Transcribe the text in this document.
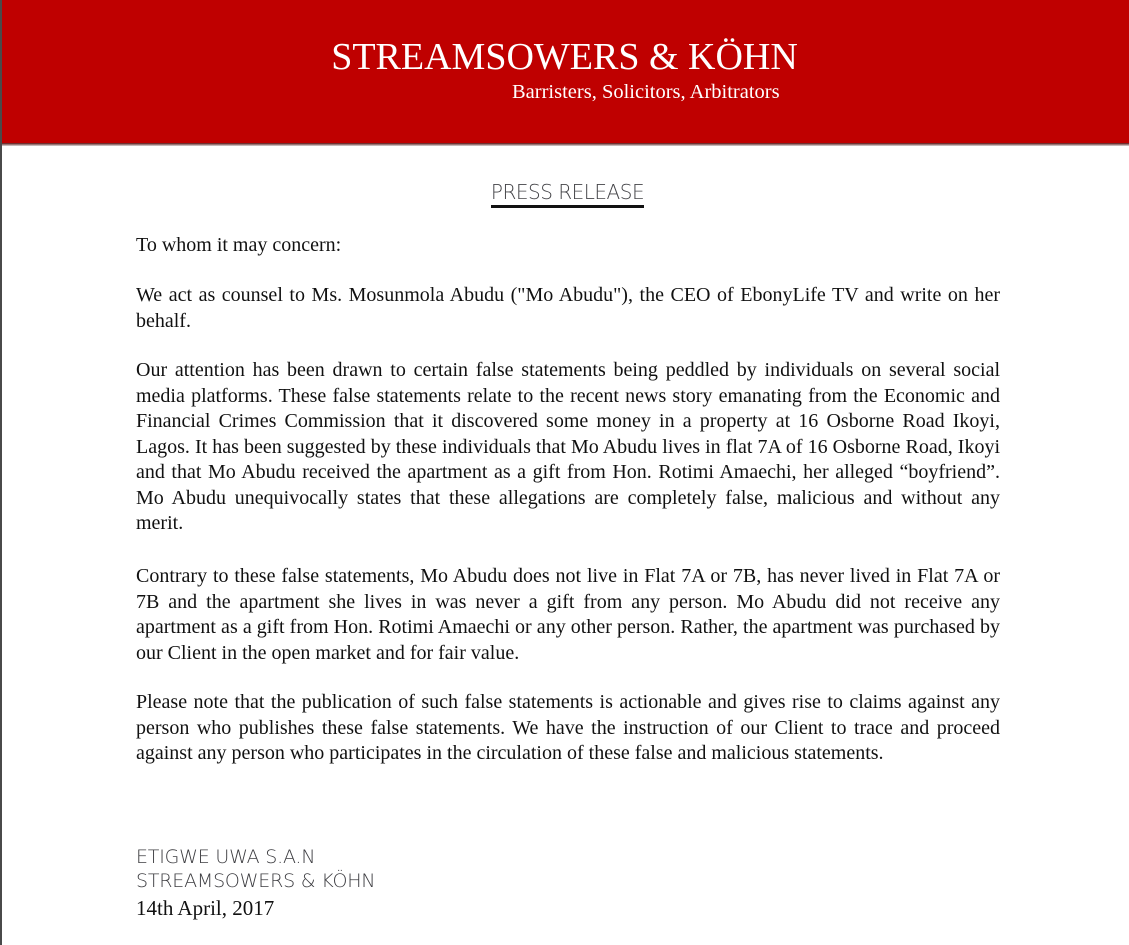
STREAMSOWERS & KÖHN
Barristers, Solicitors, Arbitrators
PRESS RELEASE
To whom it may concern:
We act as counsel to Ms. Mosunmola Abudu ("Mo Abudu"), the CEO of EbonyLife TV and write on her behalf.
Our attention has been drawn to certain false statements being peddled by individuals on several social media platforms. These false statements relate to the recent news story emanating from the Economic and Financial Crimes Commission that it discovered some money in a property at 16 Osborne Road Ikoyi, Lagos. It has been suggested by these individuals that Mo Abudu lives in flat 7A of 16 Osborne Road, Ikoyi and that Mo Abudu received the apartment as a gift from Hon. Rotimi Amaechi, her alleged “boyfriend”. Mo Abudu unequivocally states that these allegations are completely false, malicious and without any merit.
Contrary to these false statements, Mo Abudu does not live in Flat 7A or 7B, has never lived in Flat 7A or 7B and the apartment she lives in was never a gift from any person. Mo Abudu did not receive any apartment as a gift from Hon. Rotimi Amaechi or any other person. Rather, the apartment was purchased by our Client in the open market and for fair value.
Please note that the publication of such false statements is actionable and gives rise to claims against any person who publishes these false statements. We have the instruction of our Client to trace and proceed against any person who participates in the circulation of these false and malicious statements.
ETIGWE UWA S.A.N
STREAMSOWERS & KÖHN
14th April, 2017
